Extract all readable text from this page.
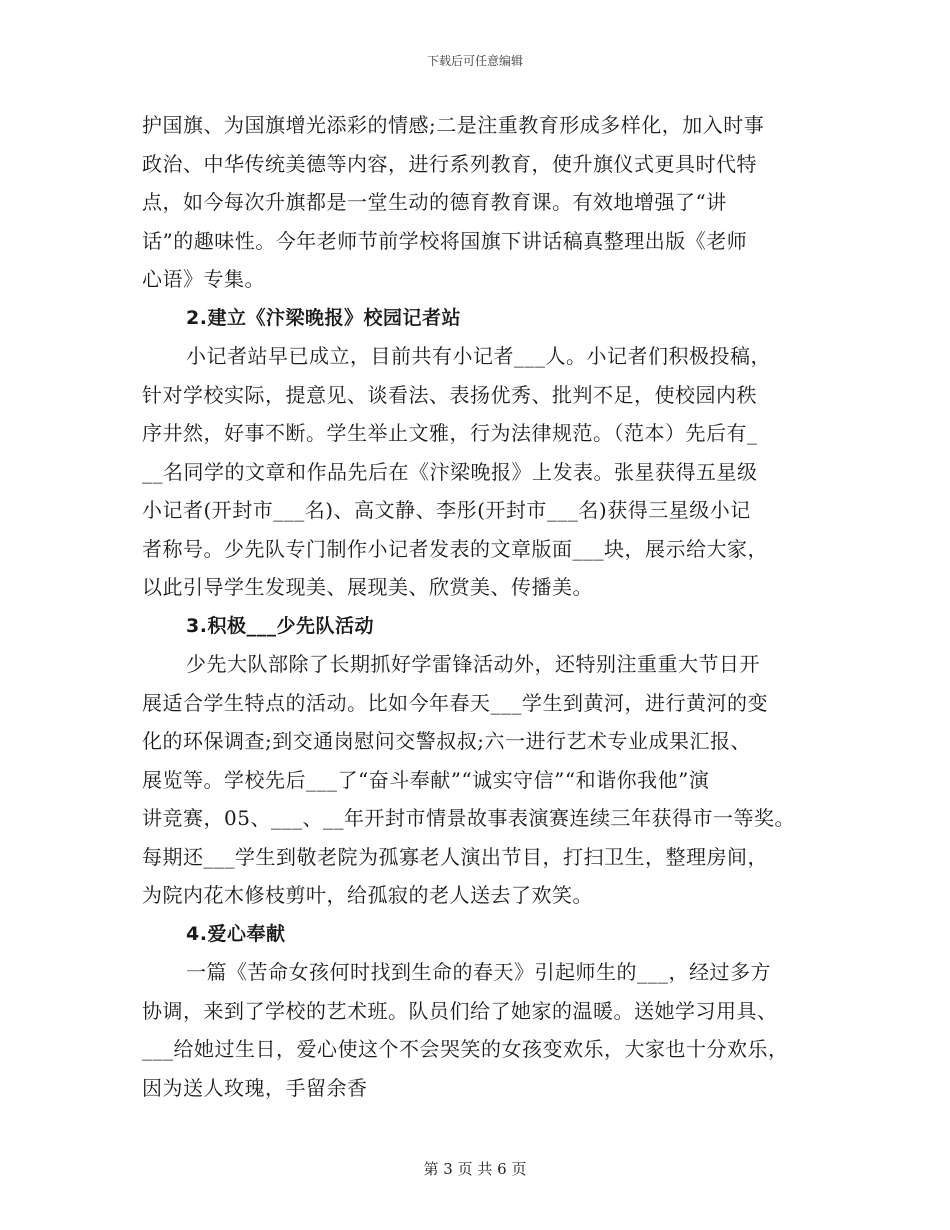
下载后可任意编辑
护国旗、为国旗增光添彩的情感;二是注重教育形成多样化，加入时事
政治、中华传统美德等内容，进行系列教育，使升旗仪式更具时代特
点，如今每次升旗都是一堂生动的德育教育课。有效地增强了“讲
话”的趣味性。今年老师节前学校将国旗下讲话稿真整理出版《老师
心语》专集。
2.建立《汴梁晚报》校园记者站
小记者站早已成立，目前共有小记者___人。小记者们积极投稿，
针对学校实际，提意见、谈看法、表扬优秀、批判不足，使校园内秩
序井然，好事不断。学生举止文雅，行为法律规范。（范本）先后有_
__名同学的文章和作品先后在《汴梁晚报》上发表。张星获得五星级
小记者(开封市___名)、高文静、李彤(开封市___名)获得三星级小记
者称号。少先队专门制作小记者发表的文章版面___块，展示给大家，
以此引导学生发现美、展现美、欣赏美、传播美。
3.积极___少先队活动
少先大队部除了长期抓好学雷锋活动外，还特别注重重大节日开
展适合学生特点的活动。比如今年春天___学生到黄河，进行黄河的变
化的环保调查;到交通岗慰问交警叔叔;六一进行艺术专业成果汇报、
展览等。学校先后___了“奋斗奉献”“诚实守信”“和谐你我他”演
讲竞赛，05、___、__年开封市情景故事表演赛连续三年获得市一等奖。
每期还___学生到敬老院为孤寡老人演出节目，打扫卫生，整理房间，
为院内花木修枝剪叶，给孤寂的老人送去了欢笑。
4.爱心奉献
一篇《苦命女孩何时找到生命的春天》引起师生的___，经过多方
协调，来到了学校的艺术班。队员们给了她家的温暖。送她学习用具、
___给她过生日，爱心使这个不会哭笑的女孩变欢乐，大家也十分欢乐，
因为送人玫瑰，手留余香
第 3 页 共 6 页
